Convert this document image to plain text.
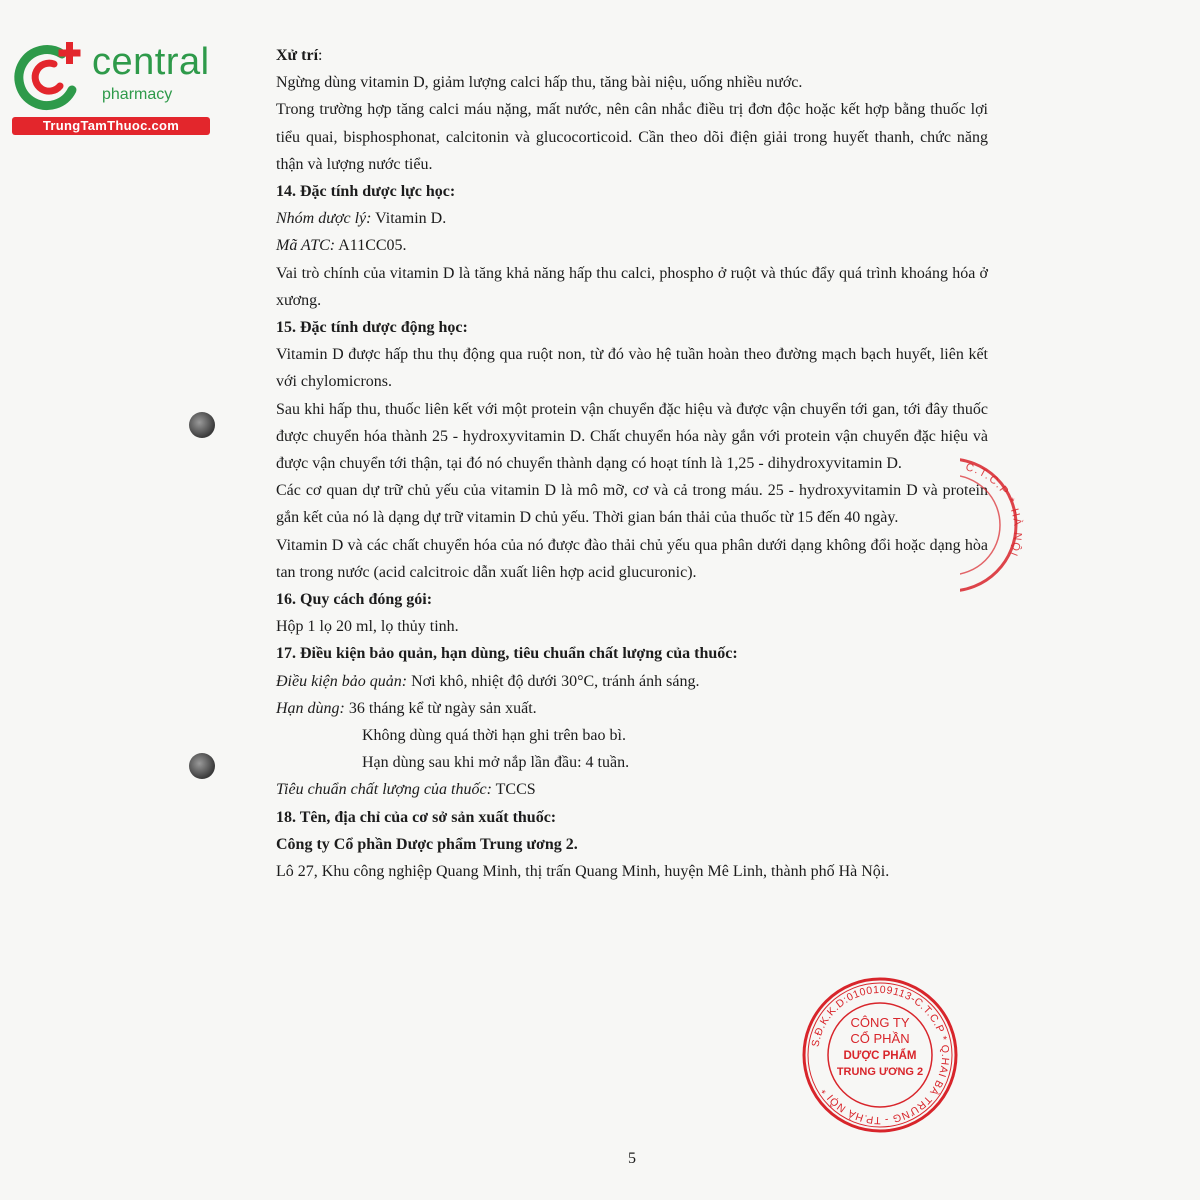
central
pharmacy
TrungTamThuoc.com

Xử trí:

Ngừng dùng vitamin D, giảm lượng calci hấp thu, tăng bài niệu, uống nhiều nước.

Trong trường hợp tăng calci máu nặng, mất nước, nên cân nhắc điều trị đơn độc hoặc kết hợp bằng thuốc lợi tiểu quai, bisphosphonat, calcitonin và glucocorticoid. Cần theo dõi điện giải trong huyết thanh, chức năng thận và lượng nước tiểu.

14. Đặc tính dược lực học:

Nhóm dược lý: Vitamin D.

Mã ATC: A11CC05.

Vai trò chính của vitamin D là tăng khả năng hấp thu calci, phospho ở ruột và thúc đẩy quá trình khoáng hóa ở xương.

15. Đặc tính dược động học:

Vitamin D được hấp thu thụ động qua ruột non, từ đó vào hệ tuần hoàn theo đường mạch bạch huyết, liên kết với chylomicrons.

Sau khi hấp thu, thuốc liên kết với một protein vận chuyển đặc hiệu và được vận chuyển tới gan, tới đây thuốc được chuyển hóa thành 25 - hydroxyvitamin D. Chất chuyển hóa này gắn với protein vận chuyển đặc hiệu và được vận chuyển tới thận, tại đó nó chuyển thành dạng có hoạt tính là 1,25 - dihydroxyvitamin D.

Các cơ quan dự trữ chủ yếu của vitamin D là mô mỡ, cơ và cả trong máu. 25 - hydroxyvitamin D và protein gắn kết của nó là dạng dự trữ vitamin D chủ yếu. Thời gian bán thải của thuốc từ 15 đến 40 ngày.

Vitamin D và các chất chuyển hóa của nó được đào thải chủ yếu qua phân dưới dạng không đổi hoặc dạng hòa tan trong nước (acid calcitroic dẫn xuất liên hợp acid glucuronic).

16. Quy cách đóng gói:

Hộp 1 lọ 20 ml, lọ thủy tinh.

17. Điều kiện bảo quản, hạn dùng, tiêu chuẩn chất lượng của thuốc:

Điều kiện bảo quản: Nơi khô, nhiệt độ dưới 30°C, tránh ánh sáng.

Hạn dùng: 36 tháng kể từ ngày sản xuất.

Không dùng quá thời hạn ghi trên bao bì.

Hạn dùng sau khi mở nắp lần đầu: 4 tuần.

Tiêu chuẩn chất lượng của thuốc: TCCS

18. Tên, địa chỉ của cơ sở sản xuất thuốc:

Công ty Cổ phần Dược phẩm Trung ương 2.

Lô 27, Khu công nghiệp Quang Minh, thị trấn Quang Minh, huyện Mê Linh, thành phố Hà Nội.

C.T.C.P * HÀ NỘI
S.Đ.K.K.D:0100109113-C.T.C.P * Q.HAI BÀ TRƯNG - TP.HÀ NỘI *
CÔNG TY
CỔ PHẦN
DƯỢC PHẨM
TRUNG ƯƠNG 2
5
